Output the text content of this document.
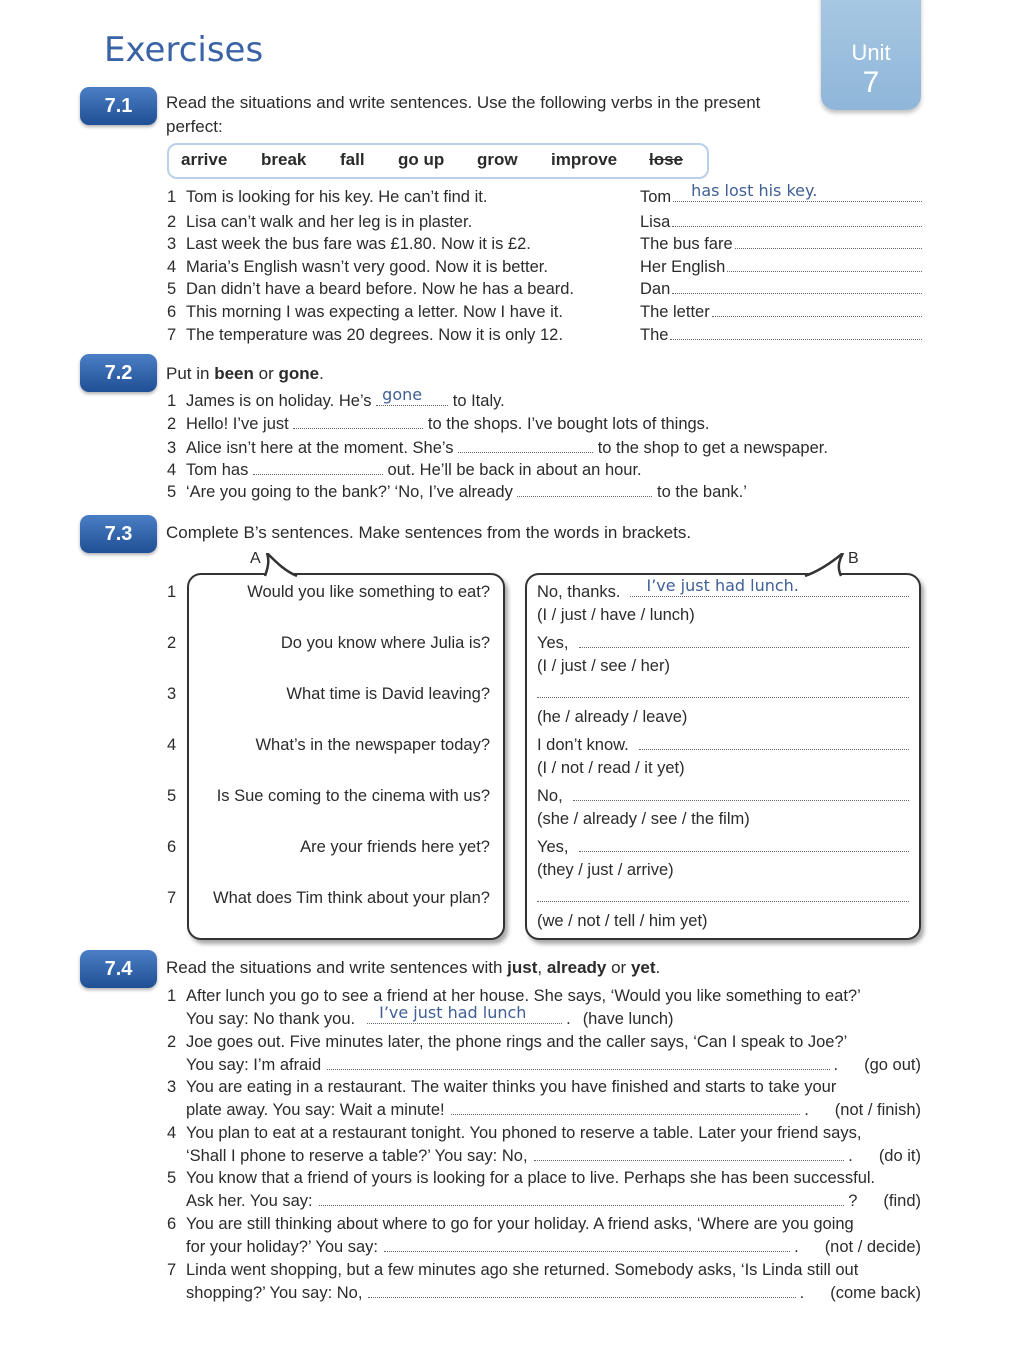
Exercises	Unit
7
7.1	Read the situations and write sentences. Use the following verbs in the present perfect:
arrive break fall go up grow improve lose
1 Tom is looking for his key. He can’t find it.	Tom has lost his key.
2 Lisa can’t walk and her leg is in plaster.	Lisa
3 Last week the bus fare was £1.80. Now it is £2.	The bus fare
4 Maria’s English wasn’t very good. Now it is better.	Her English
5 Dan didn’t have a beard before. Now he has a beard.	Dan
6 This morning I was expecting a letter. Now I have it.	The letter
7 The temperature was 20 degrees. Now it is only 12.	The
7.2	Put in been or gone.
1 James is on holiday. He’s gone to Italy.
2 Hello! I’ve just	to the shops. I’ve bought lots of things.
3 Alice isn’t here at the moment. She’s	to the shop to get a newspaper.
4 Tom has	out. He’ll be back in about an hour.
5 ‘Are you going to the bank?’ ‘No, I’ve already	to the bank.’
7.3	Complete B’s sentences. Make sentences from the words in brackets.
A	B
1	Would you like something to eat?	No, thanks. I’ve just had lunch.
(I / just / have / lunch)
2	Do you know where Julia is?	Yes,
(I / just / see / her)
3	What time is David leaving?
(he / already / leave)
4	What’s in the newspaper today?	I don’t know.
(I / not / read / it yet)
5	Is Sue coming to the cinema with us?	No,
(she / already / see / the film)
6	Are your friends here yet?	Yes,
(they / just / arrive)
7	What does Tim think about your plan?
(we / not / tell / him yet)
7.4	Read the situations and write sentences with just, already or yet.
1 After lunch you go to see a friend at her house. She says, ‘Would you like something to eat?’
You say: No thank you. I’ve just had lunch . (have lunch)
2 Joe goes out. Five minutes later, the phone rings and the caller says, ‘Can I speak to Joe?’
You say: I’m afraid	. (go out)
3 You are eating in a restaurant. The waiter thinks you have finished and starts to take your
plate away. You say: Wait a minute!	. (not / finish)
4 You plan to eat at a restaurant tonight. You phoned to reserve a table. Later your friend says,
‘Shall I phone to reserve a table?’ You say: No,	. (do it)
5 You know that a friend of yours is looking for a place to live. Perhaps she has been successful.
Ask her. You say:	? (find)
6 You are still thinking about where to go for your holiday. A friend asks, ‘Where are you going
for your holiday?’ You say:	. (not / decide)
7 Linda went shopping, but a few minutes ago she returned. Somebody asks, ‘Is Linda still out
shopping?’ You say: No,	. (come back)
